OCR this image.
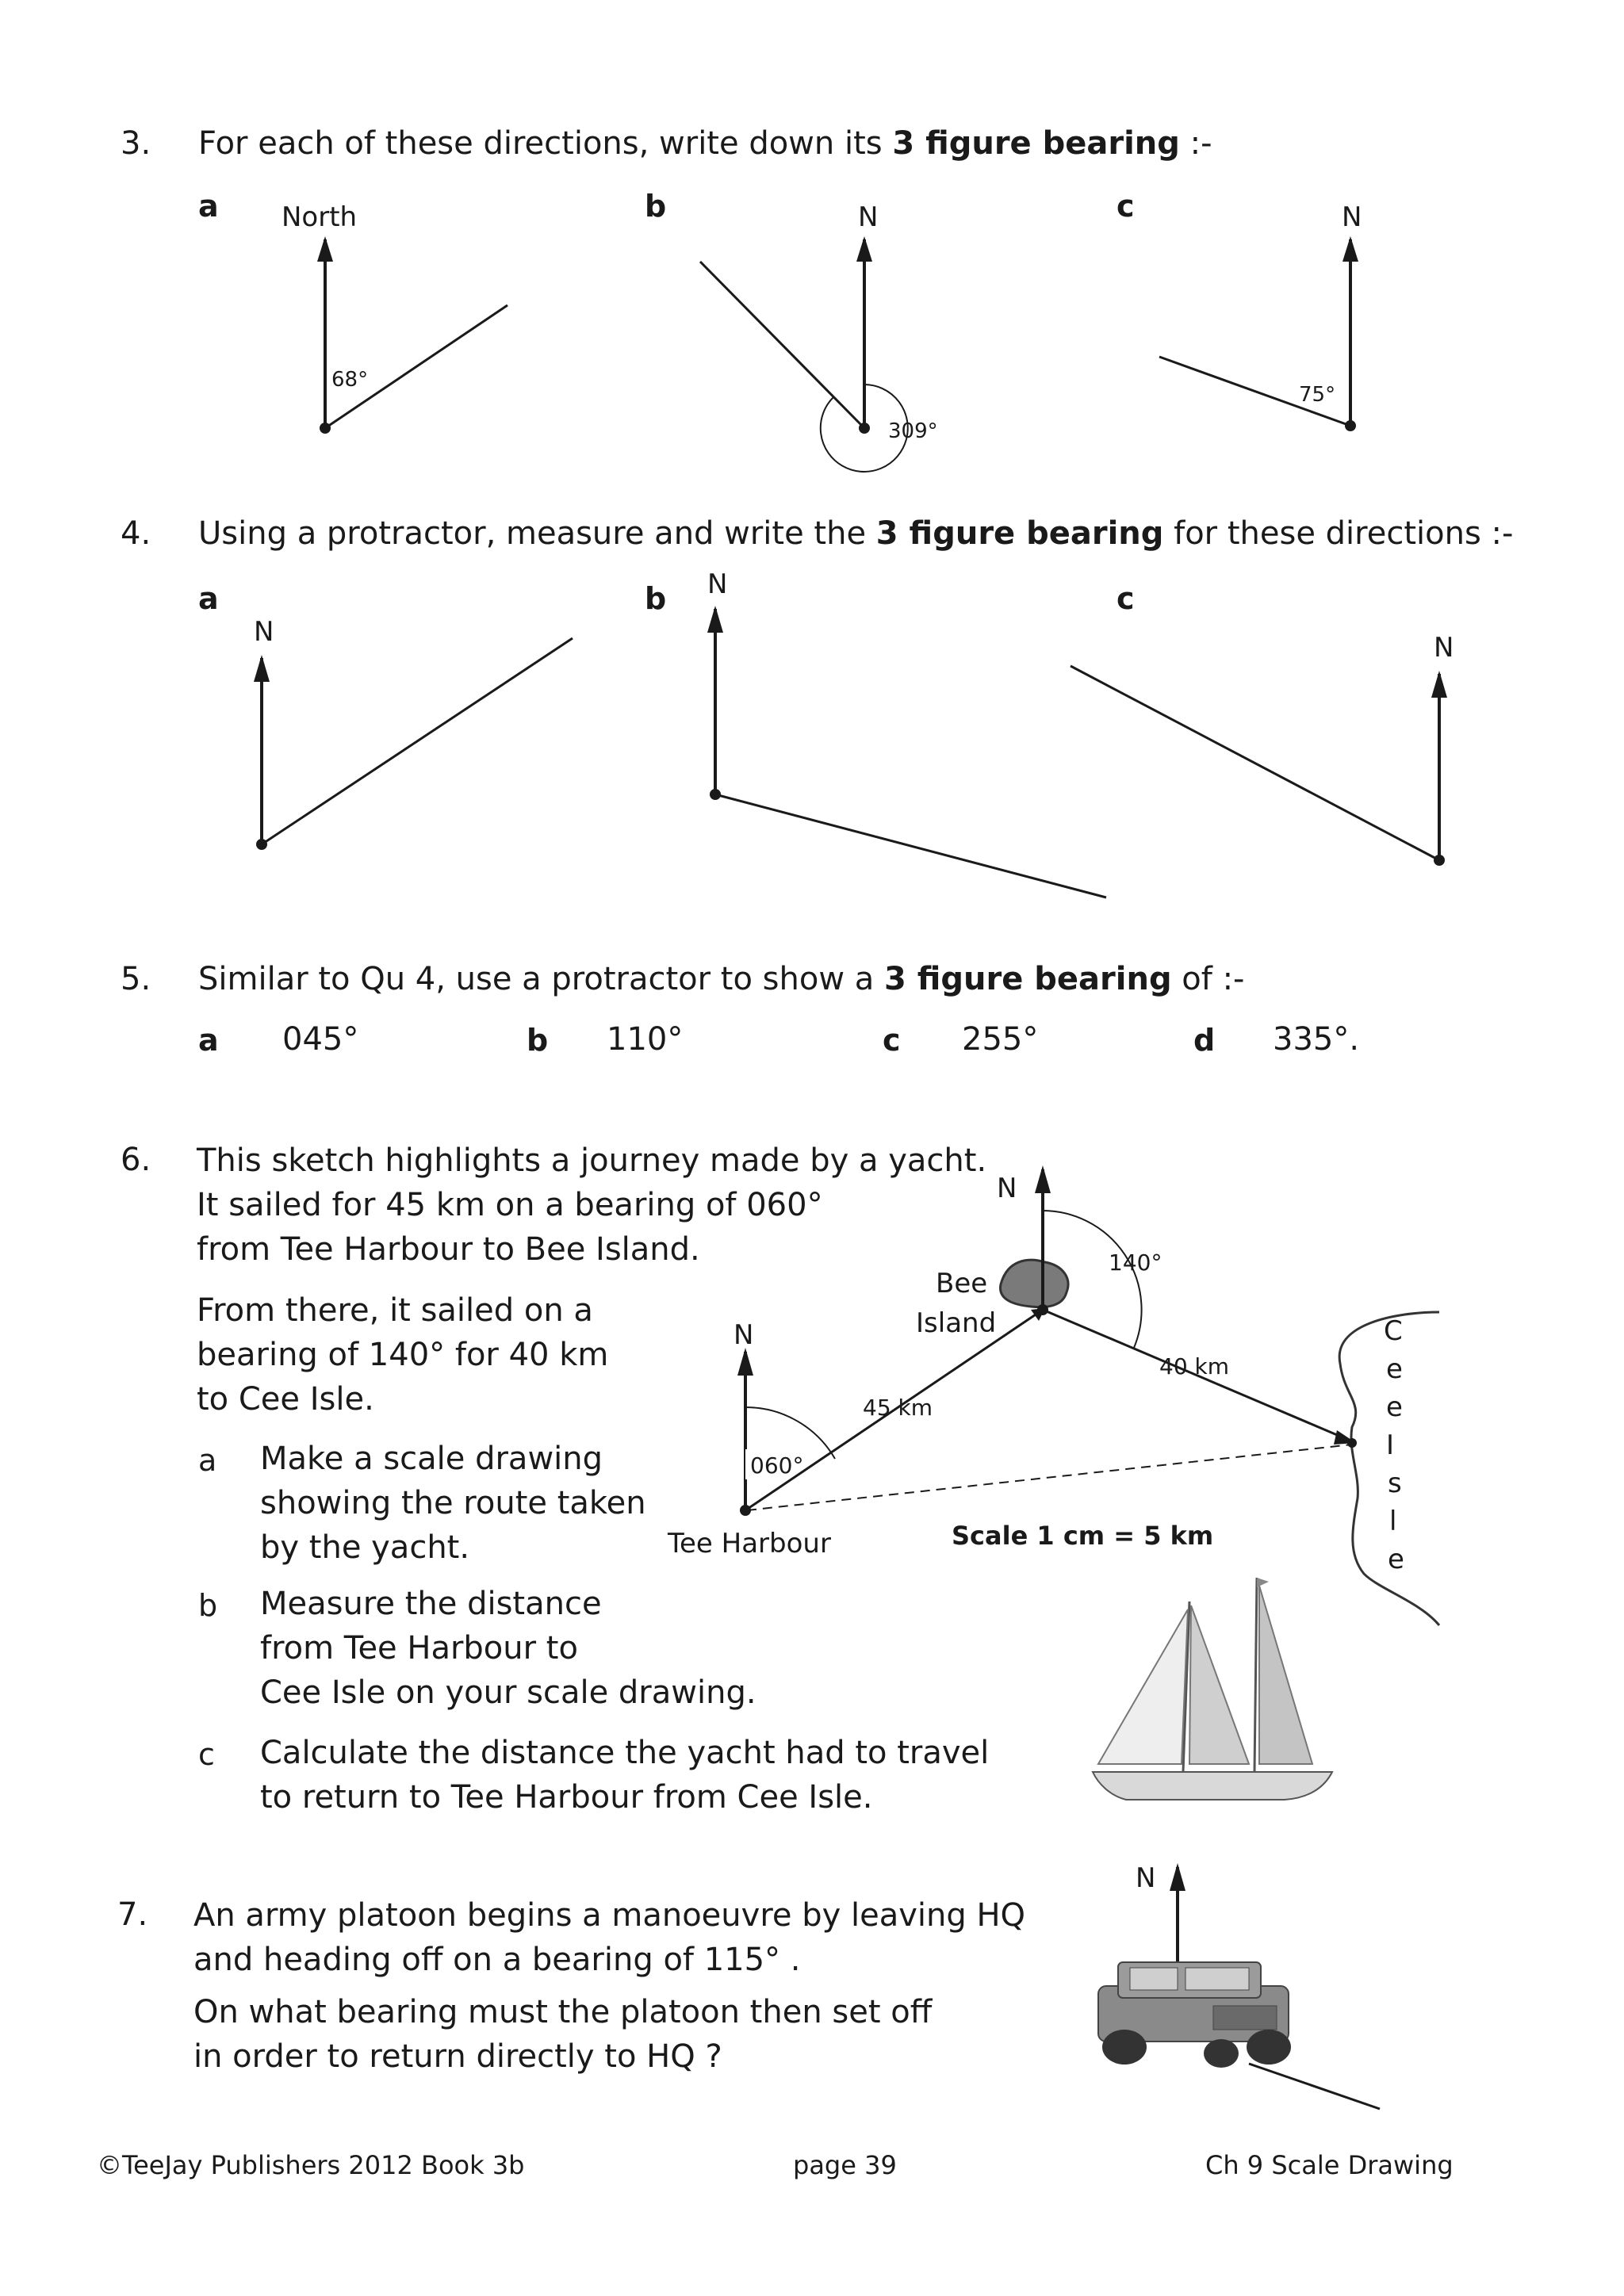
3. For each of these directions, write down its 3 figure bearing :-
a	b	c
North
68°
N
309°
N
75°
4. Using a protractor, measure and write the 3 figure bearing for these directions :-
a	b	c
N
N
N
5. Similar to Qu 4, use a protractor to show a 3 figure bearing of :-
a 045°	b 110°	c 255°	d 335°.
6. This sketch highlights a journey made by a yacht.
It sailed for 45 km on a bearing of 060°
from Tee Harbour to Bee Island.
From there, it sailed on a
bearing of 140° for 40 km
to Cee Isle.
a Make a scale drawing
showing the route taken
by the yacht.
b Measure the distance
from Tee Harbour to
Cee Isle on your scale drawing.
c Calculate the distance the yacht had to travel
to return to Tee Harbour from Cee Isle.
N
060°
Tee Harbour
45 km
Bee
Island
N
140°
40 km
C
e
e
I
s
l
e
Scale 1 cm = 5 km
7. An army platoon begins a manoeuvre by leaving HQ
and heading off on a bearing of 115° .
On what bearing must the platoon then set off
in order to return directly to HQ ?
N
©TeeJay Publishers 2012 Book 3b	page 39	Ch 9 Scale Drawing
